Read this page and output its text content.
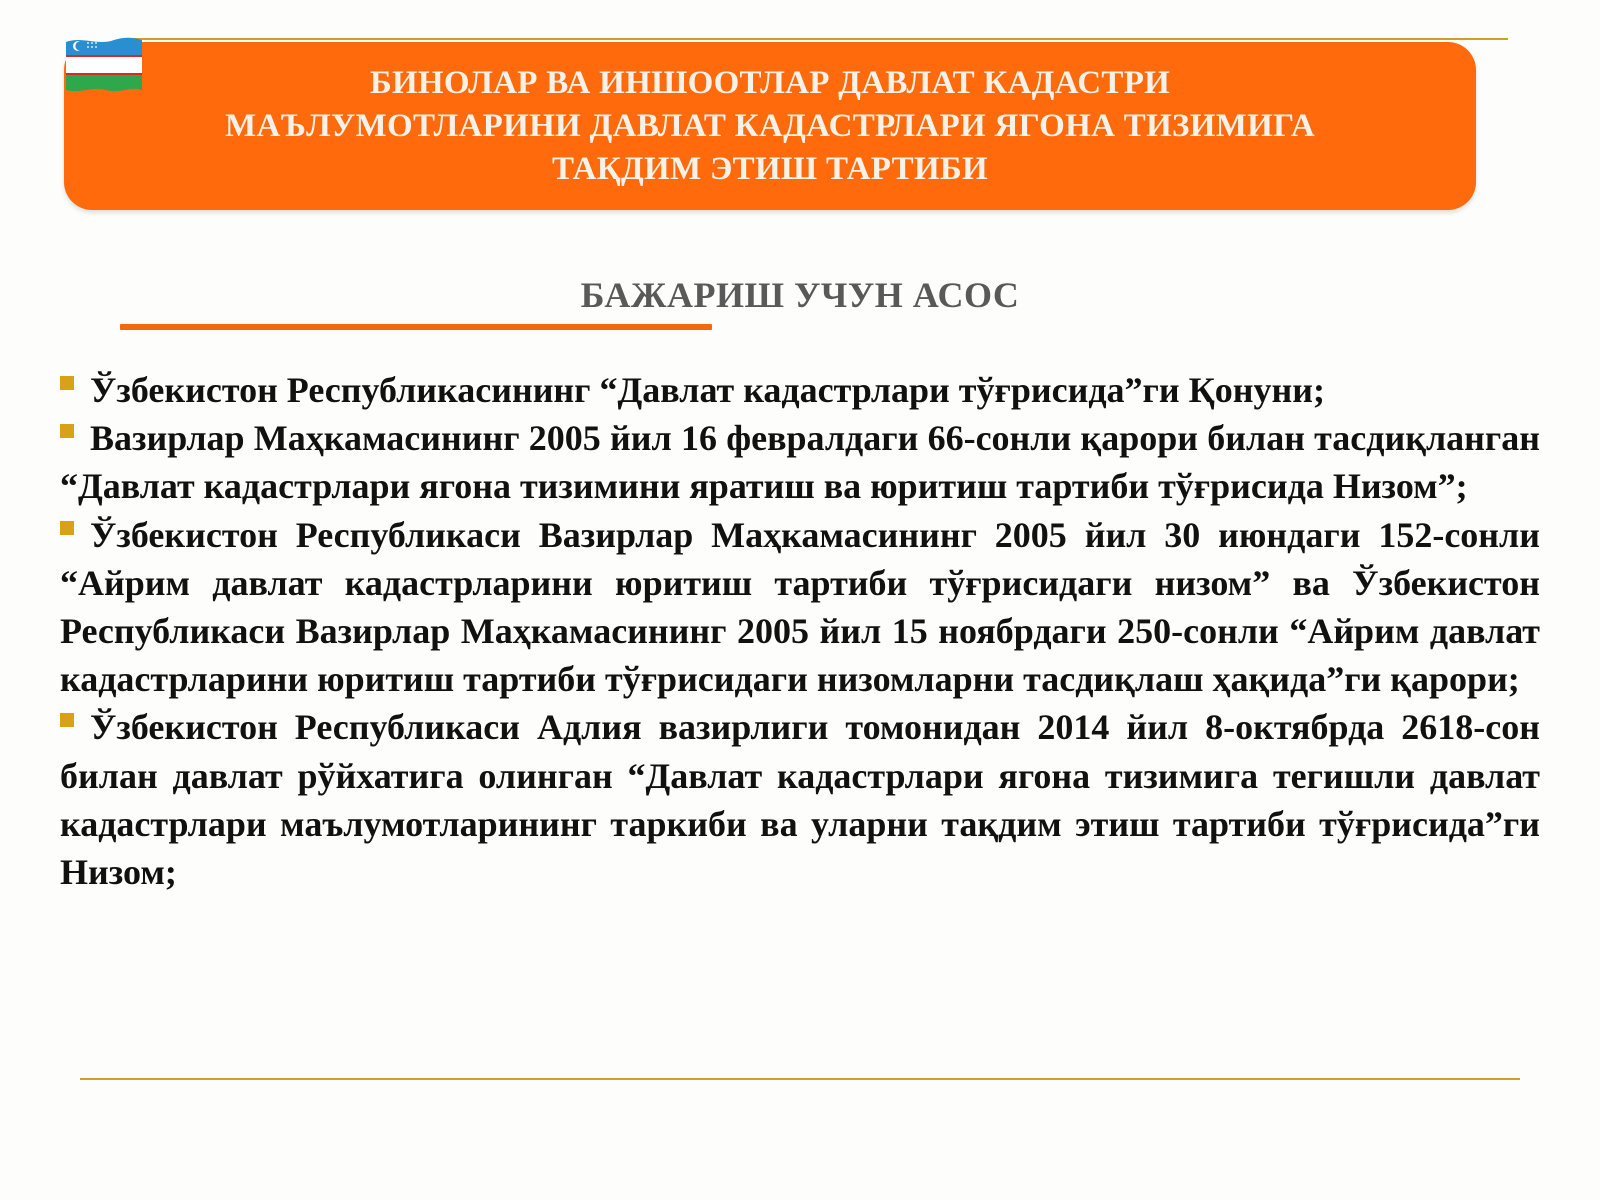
БИНОЛАР ВА ИНШООТЛАР ДАВЛАТ КАДАСТРИ
МАЪЛУМОТЛАРИНИ ДАВЛАТ КАДАСТРЛАРИ ЯГОНА ТИЗИМИГА
ТАҚДИМ ЭТИШ ТАРТИБИ
БАЖАРИШ УЧУН АСОС

Ўзбекистон Республикасининг “Давлат кадастрлари тўғрисида”ги Қонуни;

Вазирлар Маҳкамасининг 2005 йил 16 февралдаги 66-сонли қарори билан тасдиқланган “Давлат кадастрлари ягона тизимини яратиш ва юритиш тартиби тўғрисида Низом”;

Ўзбекистон Республикаси Вазирлар Маҳкамасининг 2005 йил 30 июндаги 152-сонли “Айрим давлат кадастрларини юритиш тартиби тўғрисидаги низом” ва Ўзбекистон Республикаси Вазирлар Маҳкамасининг 2005 йил 15 ноябрдаги 250-сонли “Айрим давлат кадастрларини юритиш тартиби тўғрисидаги низомларни тасдиқлаш ҳақида”ги қарори;

Ўзбекистон Республикаси Адлия вазирлиги томонидан 2014 йил 8-октябрда 2618-сон билан давлат рўйхатига олинган “Давлат кадастрлари ягона тизимига тегишли давлат кадастрлари маълумотларининг таркиби ва уларни тақдим этиш тартиби тўғрисида”ги Низом;
